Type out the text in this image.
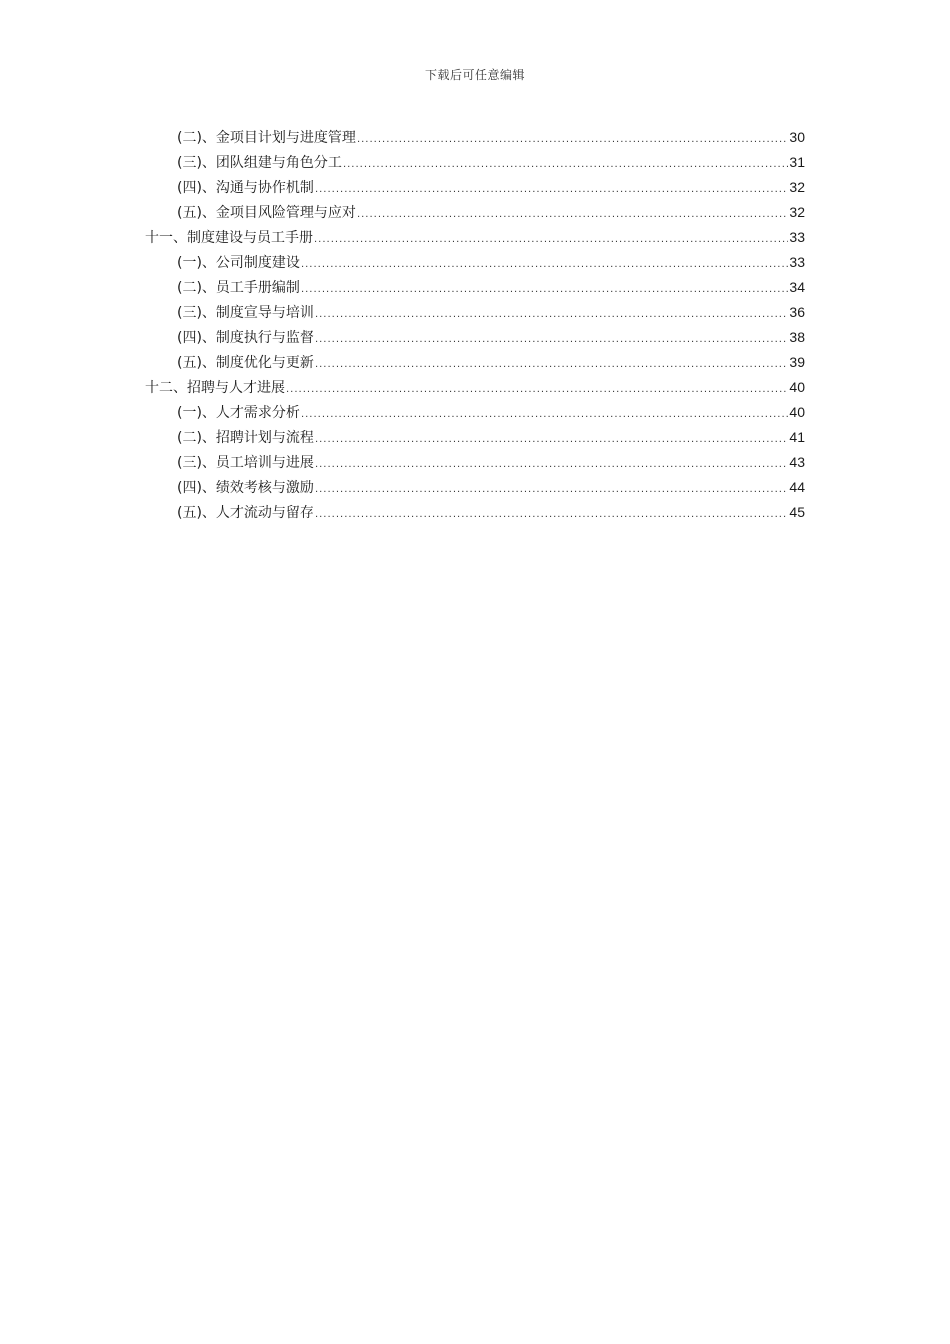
下载后可任意编辑
(二)、金项目计划与进度管理 .....	30
(三)、团队组建与角色分工 .....	31
(四)、沟通与协作机制 .....	32
(五)、金项目风险管理与应对 .....	32
十一、制度建设与员工手册 .....	33
(一)、公司制度建设 .....	33
(二)、员工手册编制 .....	34
(三)、制度宣导与培训 .....	36
(四)、制度执行与监督 .....	38
(五)、制度优化与更新 .....	39
十二、招聘与人才进展 .....	40
(一)、人才需求分析 .....	40
(二)、招聘计划与流程 .....	41
(三)、员工培训与进展 .....	43
(四)、绩效考核与激励 .....	44
(五)、人才流动与留存 .....	45
